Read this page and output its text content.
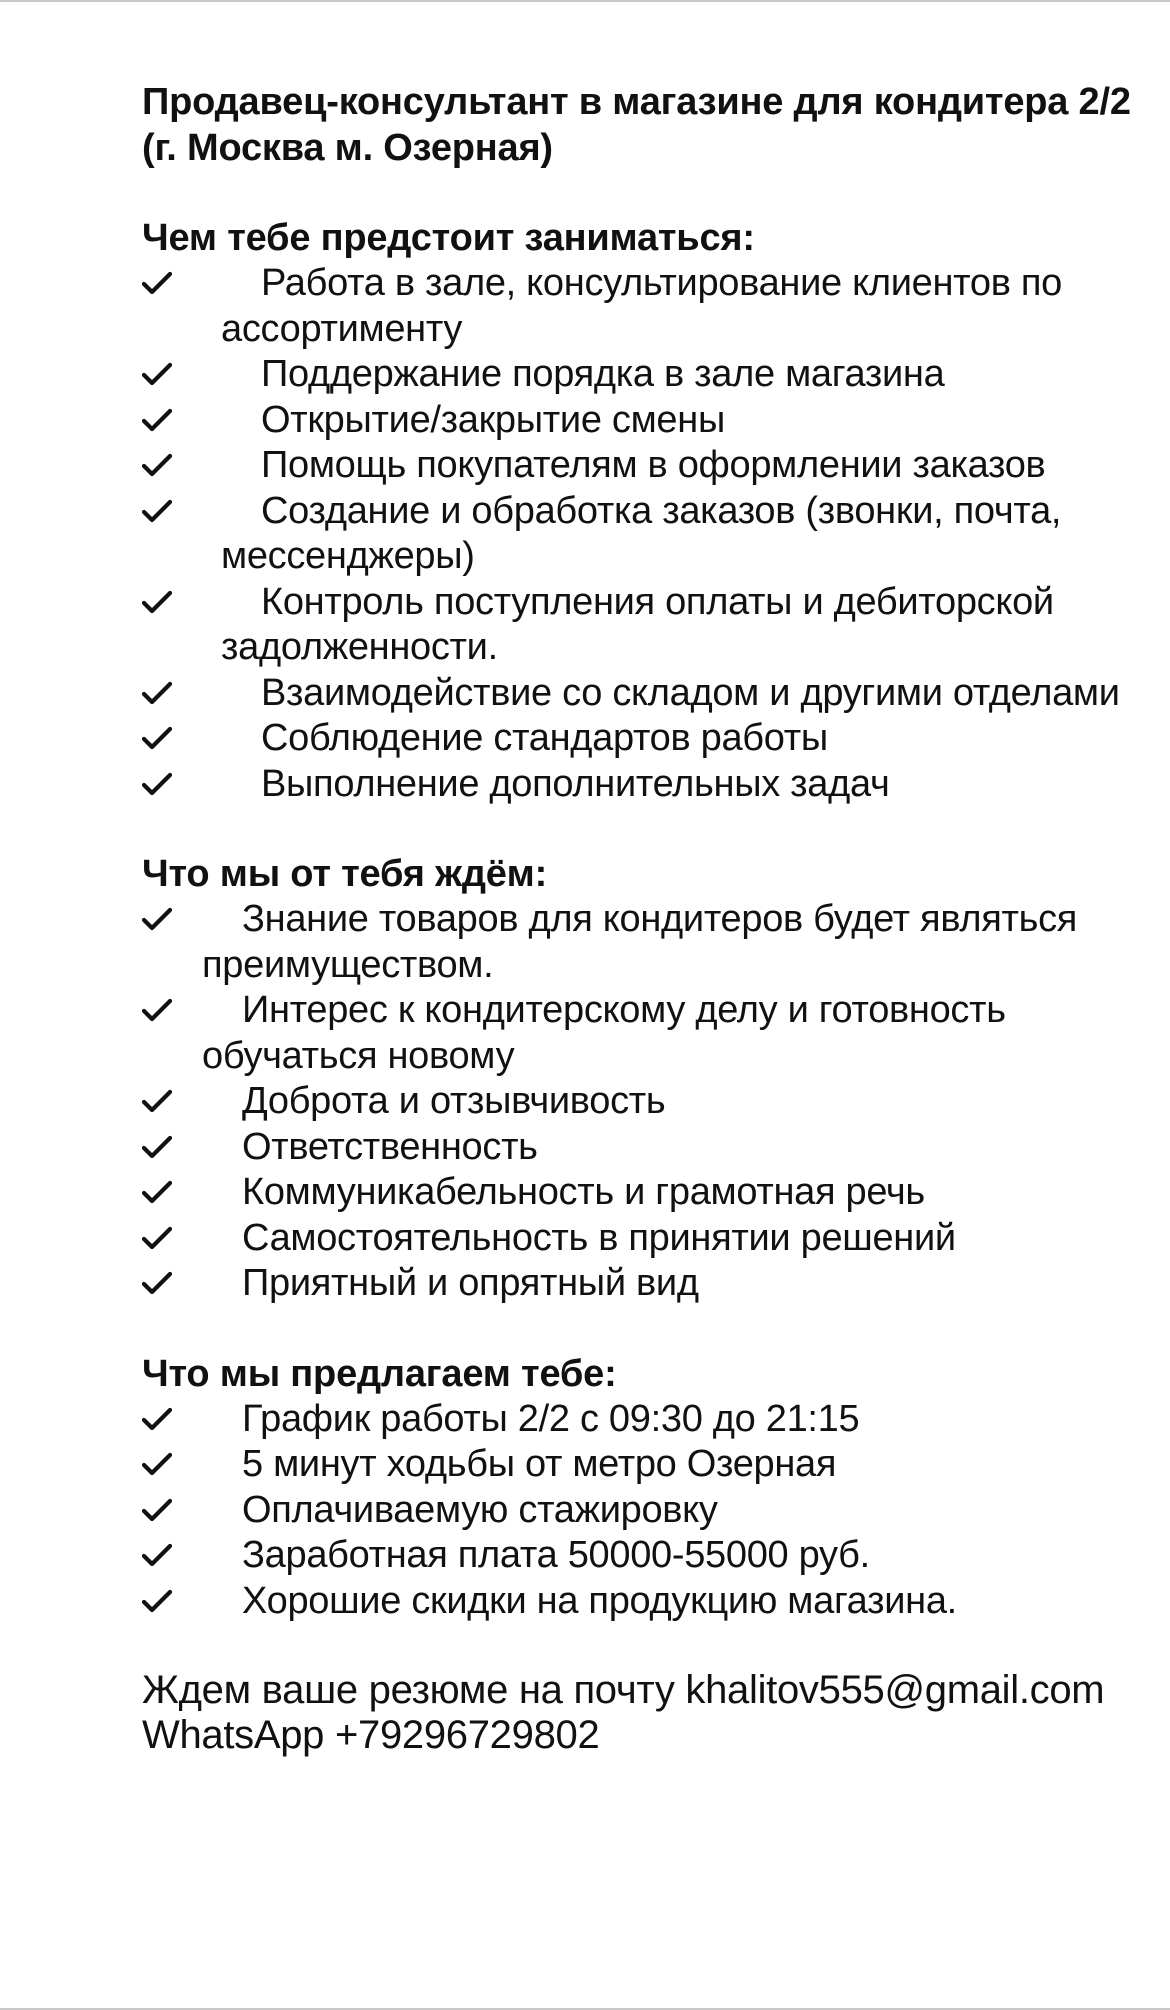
Продавец-консультант в магазине для кондитера 2/2 (г. Москва м. Озерная)
Чем тебе предстоит заниматься:
Работа в зале, консультирование клиентов по ассортименту
Поддержание порядка в зале магазина
Открытие/закрытие смены
Помощь покупателям в оформлении заказов
Создание и обработка заказов (звонки, почта, мессенджеры)
Контроль поступления оплаты и дебиторской задолженности.
Взаимодействие со складом и другими отделами
Соблюдение стандартов работы
Выполнение дополнительных задач
Что мы от тебя ждём:
Знание товаров для кондитеров будет являться преимуществом.
Интерес к кондитерскому делу и готовность обучаться новому
Доброта и отзывчивость
Ответственность
Коммуникабельность и грамотная речь
Самостоятельность в принятии решений
Приятный и опрятный вид
Что мы предлагаем тебе:
График работы 2/2 с 09:30 до 21:15
5 минут ходьбы от метро Озерная
Оплачиваемую стажировку
Заработная плата 50000-55000 руб.
Хорошие скидки на продукцию магазина.

Ждем ваше резюме на почту khalitov555@gmail.com

WhatsApp +79296729802
